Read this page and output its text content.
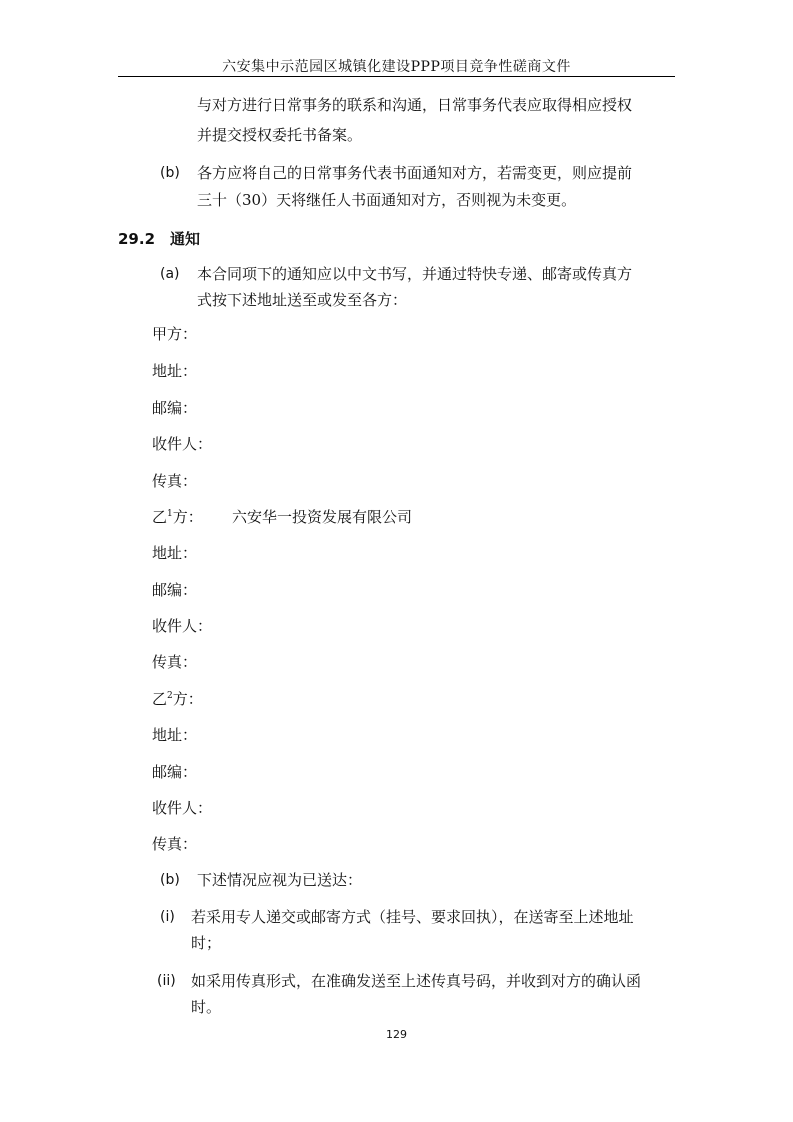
六安集中示范园区城镇化建设PPP项目竞争性磋商文件
与对方进行日常事务的联系和沟通，日常事务代表应取得相应授权
并提交授权委托书备案。
(b) 各方应将自己的日常事务代表书面通知对方，若需变更，则应提前
三十（30）天将继任人书面通知对方，否则视为未变更。
29.2 通知
(a) 本合同项下的通知应以中文书写，并通过特快专递、邮寄或传真方
式按下述地址送至或发至各方：
甲方：
地址：
邮编：
收件人：
传真：
乙$^1$方： 六安华一投资发展有限公司
地址：
邮编：
收件人：
传真：
乙$^2$方：
地址：
邮编：
收件人：
传真：
(b) 下述情况应视为已送达：
(i) 若采用专人递交或邮寄方式（挂号、要求回执），在送寄至上述地址
时；
(ii) 如采用传真形式，在准确发送至上述传真号码，并收到对方的确认函
时。
129
